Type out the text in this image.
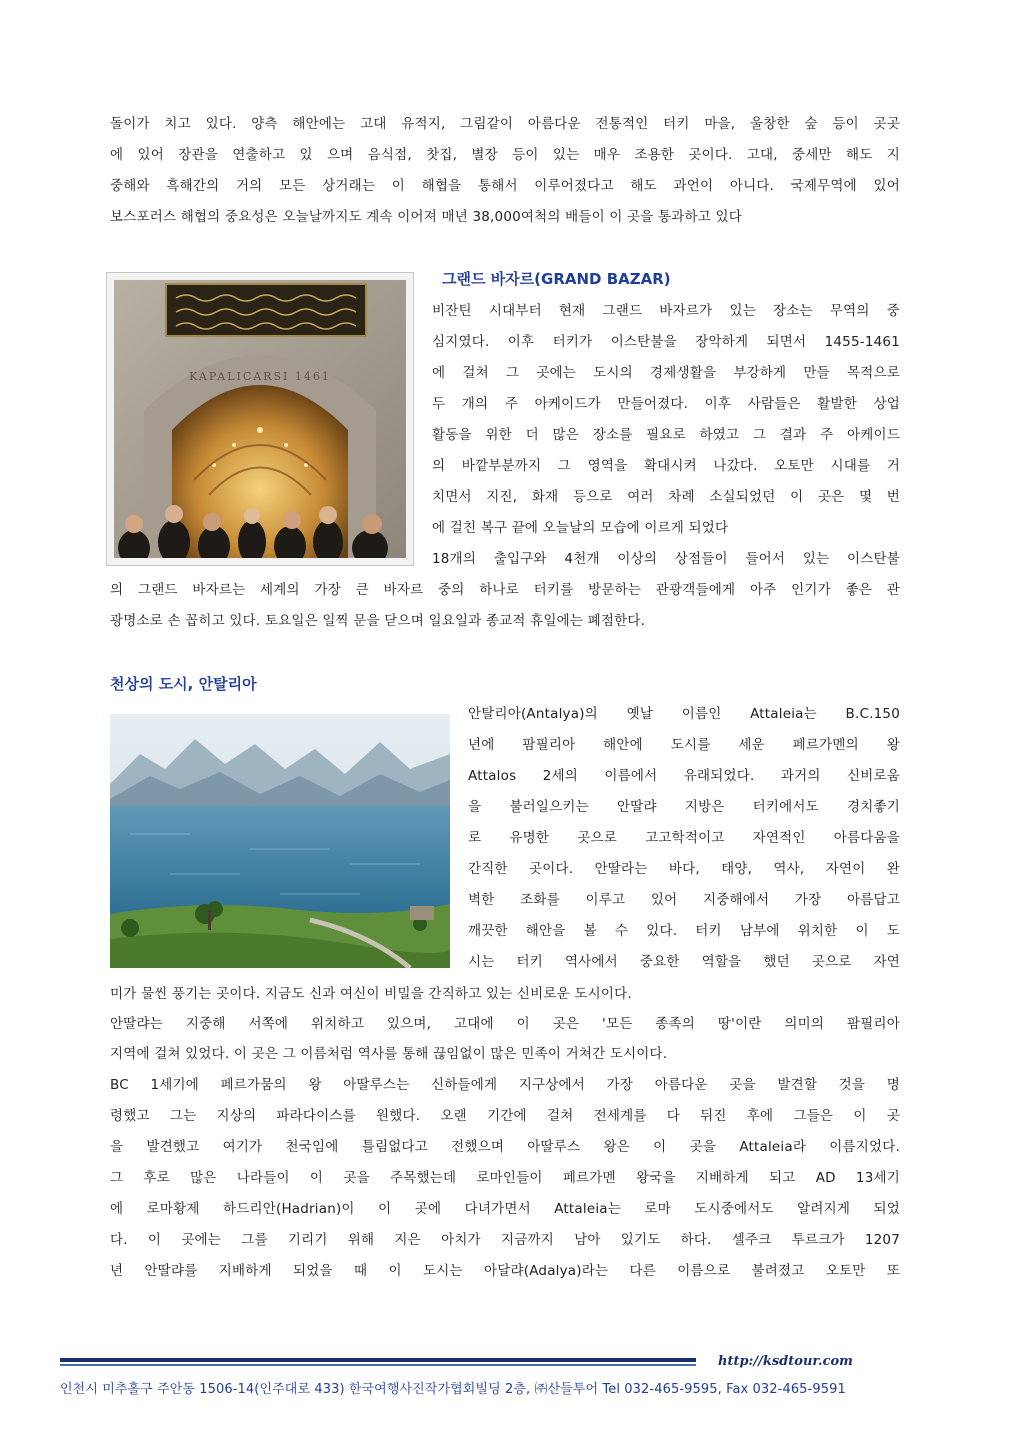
돌이가 치고 있다. 양측 해안에는 고대 유적지, 그림같이 아름다운 전통적인 터키 마을, 울창한 숲 등이 곳곳
에 있어 장관을 연출하고 있 으며 음식점, 찻집, 별장 등이 있는 매우 조용한 곳이다. 고대, 중세만 해도 지
중해와 흑해간의 거의 모든 상거래는 이 해협을 통해서 이루어졌다고 해도 과언이 아니다. 국제무역에 있어
보스포러스 해협의 중요성은 오늘날까지도 계속 이어져 매년 38,000여척의 배들이 이 곳을 통과하고 있다
그랜드 바자르(GRAND BAZAR)
KAPALICARSI 1461
비잔틴 시대부터 현재 그랜드 바자르가 있는 장소는 무역의 중
심지였다. 이후 터키가 이스탄불을 장악하게 되면서 1455-1461
에 걸쳐 그 곳에는 도시의 경제생활을 부강하게 만들 목적으로
두 개의 주 아케이드가 만들어졌다. 이후 사람들은 활발한 상업
활동을 위한 더 많은 장소를 필요로 하였고 그 결과 주 아케이드
의 바깥부분까지 그 영역을 확대시켜 나갔다. 오토만 시대를 거
치면서 지진, 화재 등으로 여러 차례 소실되었던 이 곳은 몇 번
에 걸친 복구 끝에 오늘날의 모습에 이르게 되었다
18개의 출입구와 4천개 이상의 상점들이 들어서 있는 이스탄불
의 그랜드 바자르는 세계의 가장 큰 바자르 중의 하나로 터키를 방문하는 관광객들에게 아주 인기가 좋은 관
광명소로 손 꼽히고 있다. 토요일은 일찍 문을 닫으며 일요일과 종교적 휴일에는 폐점한다.
천상의 도시, 안탈리아
안탈리아(Antalya)의 옛날 이름인 Attaleia는 B.C.150
년에 팜필리아 해안에 도시를 세운 페르가멘의 왕
Attalos 2세의 이름에서 유래되었다. 과거의 신비로움
을 불러일으키는 안딸랴 지방은 터키에서도 경치좋기
로 유명한 곳으로 고고학적이고 자연적인 아름다움을
간직한 곳이다. 안딸라는 바다, 태양, 역사, 자연이 완
벽한 조화를 이루고 있어 지중해에서 가장 아름답고
깨끗한 해안을 볼 수 있다. 터키 남부에 위치한 이 도
시는 터키 역사에서 중요한 역할을 했던 곳으로 자연
미가 물씬 풍기는 곳이다. 지금도 신과 여신이 비밀을 간직하고 있는 신비로운 도시이다.
안딸랴는 지중해 서쪽에 위치하고 있으며, 고대에 이 곳은 '모든 종족의 땅'이란 의미의 팜필리아
지역에 걸쳐 있었다. 이 곳은 그 이름처럼 역사를 통해 끊임없이 많은 민족이 거쳐간 도시이다.
BC 1세기에 페르가뭄의 왕 아딸루스는 신하들에게 지구상에서 가장 아름다운 곳을 발견할 것을 명
령했고 그는 지상의 파라다이스를 원했다. 오랜 기간에 걸쳐 전세계를 다 뒤진 후에 그들은 이 곳
을 발견했고 여기가 천국임에 틀림없다고 전했으며 아딸루스 왕은 이 곳을 Attaleia라 이름지었다.
그 후로 많은 나라들이 이 곳을 주목했는데 로마인들이 페르가멘 왕국을 지배하게 되고 AD 13세기
에 로마황제 하드리안(Hadrian)이 이 곳에 다녀가면서 Attaleia는 로마 도시중에서도 알려지게 되었
다. 이 곳에는 그를 기리기 위해 지은 아치가 지금까지 남아 있기도 하다. 셀주크 투르크가 1207
년 안딸랴를 지배하게 되었을 때 이 도시는 아달랴(Adalya)라는 다른 이름으로 불려졌고 오토만 또
http://ksdtour.com
인천시 미추홀구 주안동 1506-14(인주대로 433) 한국여행사진작가협회빌딩 2층, ㈜산들투어 Tel 032-465-9595, Fax 032-465-9591
